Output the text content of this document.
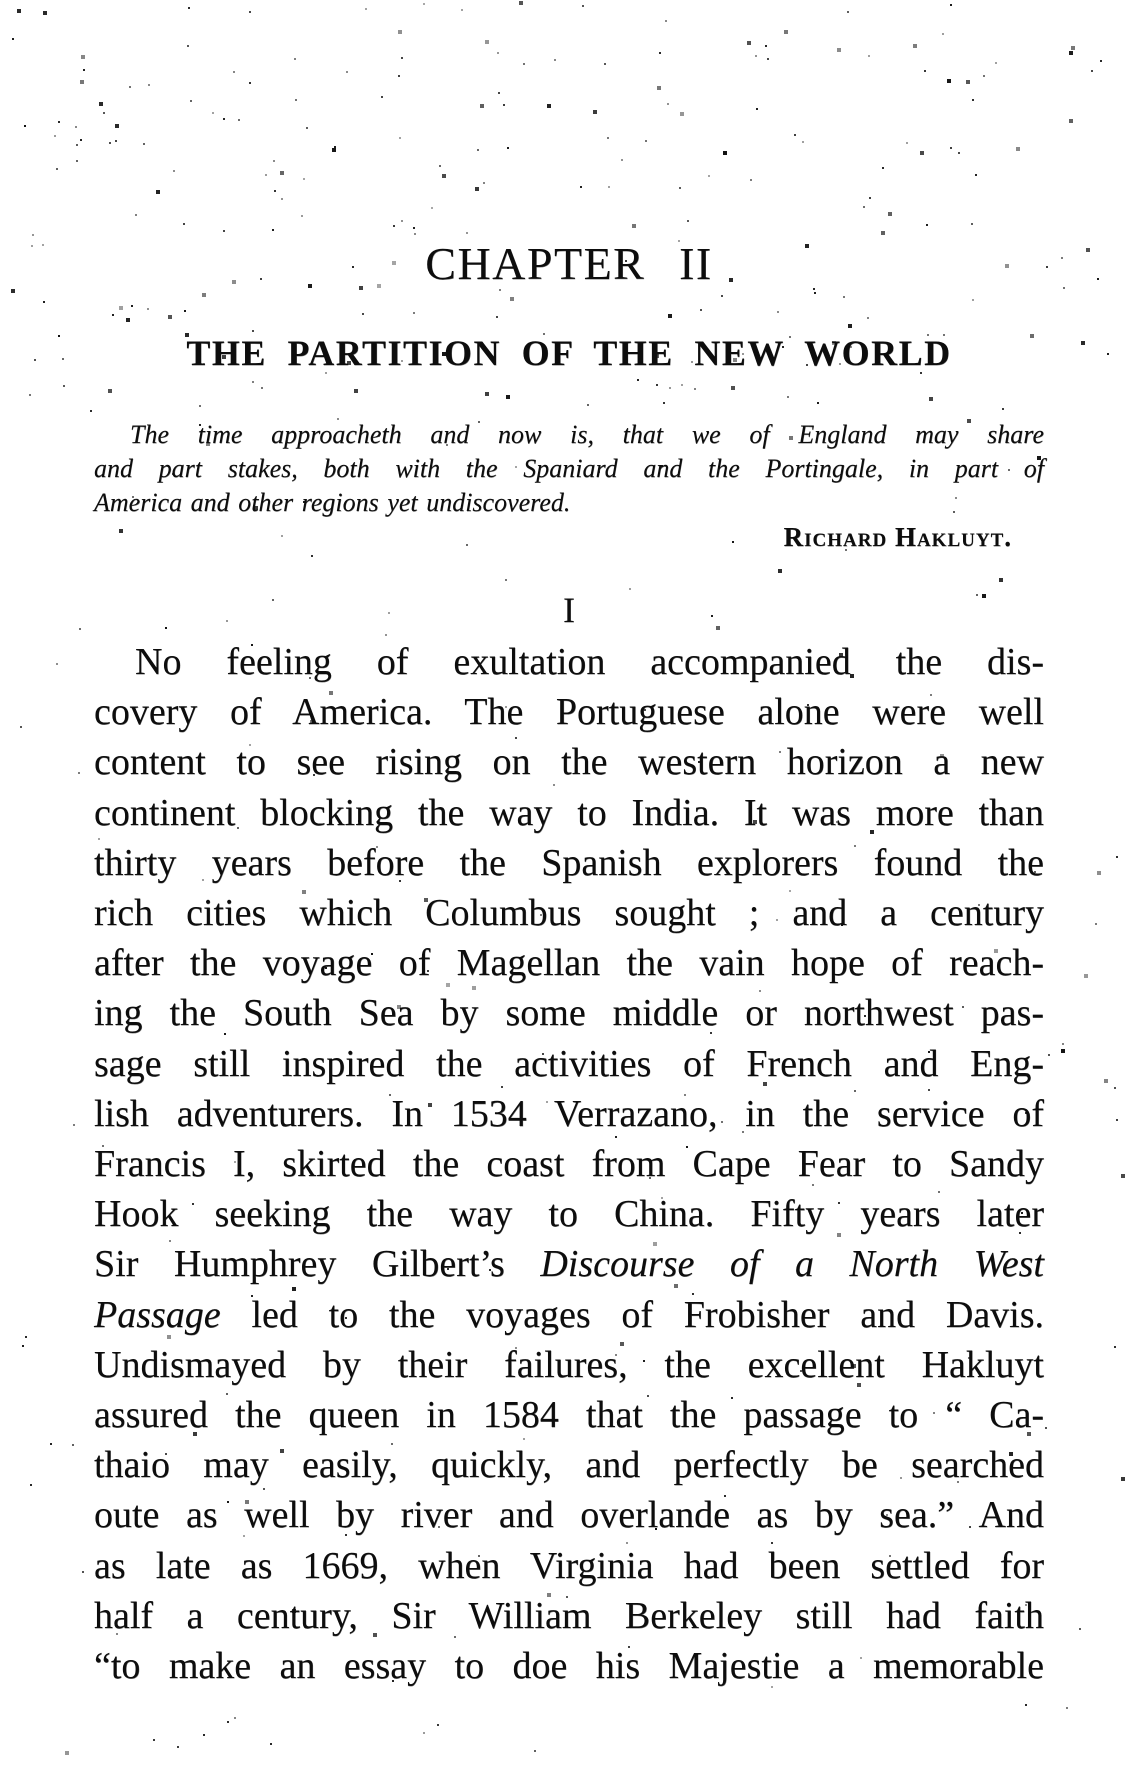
CHAPTER II
THE PARTITION OF THE NEW WORLD
The time approacheth and now is, that we of England may share
and part stakes, both with the Spaniard and the Portingale, in part of
America and other regions yet undiscovered.
Richard Hakluyt.
I
No feeling of exultation accompanied the dis-
covery of America. The Portuguese alone were well
content to see rising on the western horizon a new
continent blocking the way to India. It was more than
thirty years before the Spanish explorers found the
rich cities which Columbus sought ; and a century
after the voyage of Magellan the vain hope of reach-
ing the South Sea by some middle or northwest pas-
sage still inspired the activities of French and Eng-
lish adventurers. In 1534 Verrazano, in the service of
Francis I, skirted the coast from Cape Fear to Sandy
Hook seeking the way to China. Fifty years later
Sir Humphrey Gilbert’s Discourse of a North West
Passage led to the voyages of Frobisher and Davis.
Undismayed by their failures, the excellent Hakluyt
assured the queen in 1584 that the passage to “ Ca-
thaio may easily, quickly, and perfectly be searched
oute as well by river and overlande as by sea.” And
as late as 1669, when Virginia had been settled for
half a century, Sir William Berkeley still had faith
“to make an essay to doe his Majestie a memorable
